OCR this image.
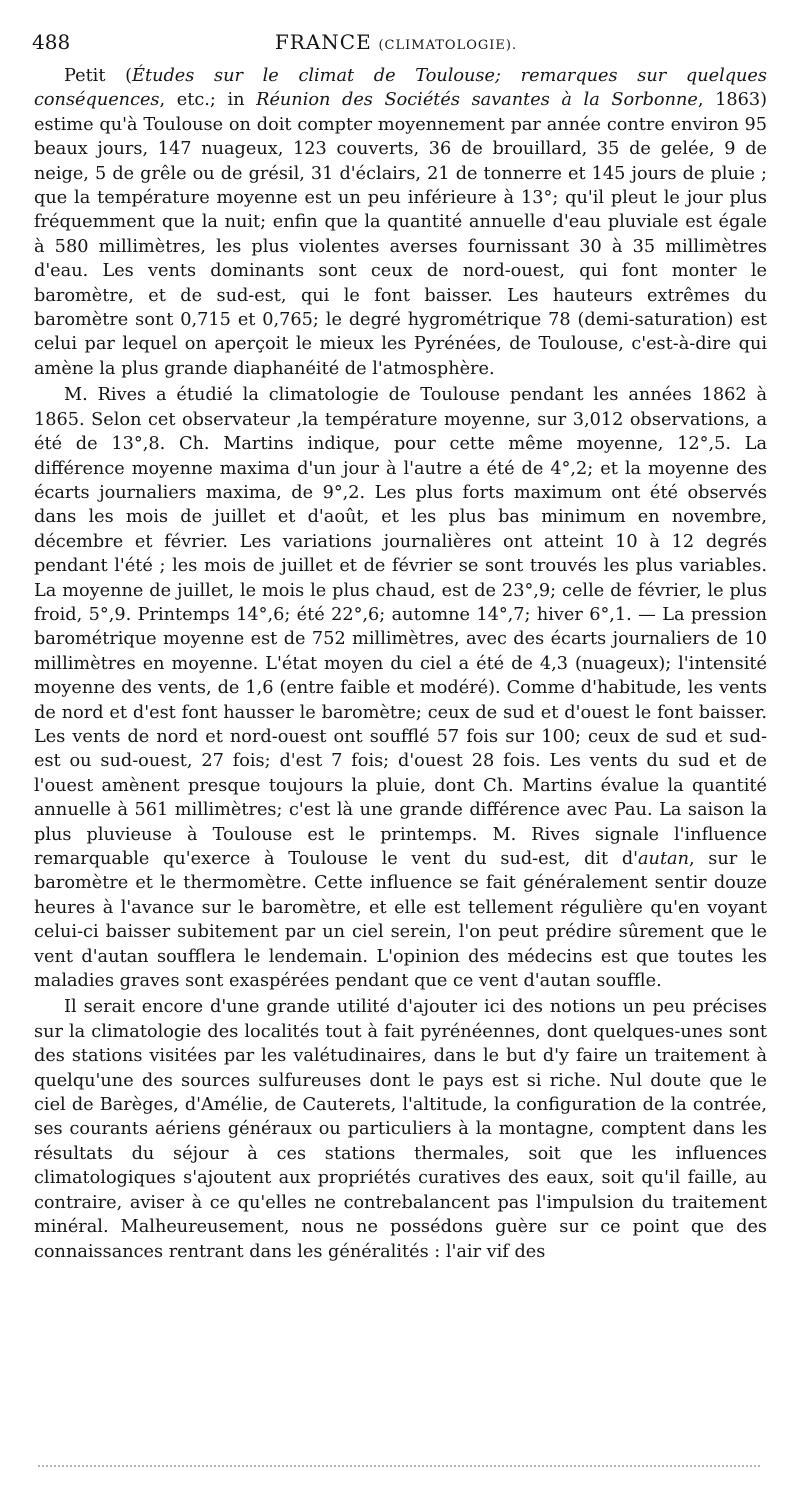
488	FRANCE (CLIMATOLOGIE).

Petit (Études sur le climat de Toulouse; remarques sur quelques conséquences, etc.; in Réunion des Sociétés savantes à la Sorbonne, 1863) estime qu'à Toulouse on doit compter moyennement par année contre environ 95 beaux jours, 147 nuageux, 123 couverts, 36 de brouillard, 35 de gelée, 9 de neige, 5 de grêle ou de grésil, 31 d'éclairs, 21 de tonnerre et 145 jours de pluie ; que la température moyenne est un peu inférieure à 13°; qu'il pleut le jour plus fréquemment que la nuit; enfin que la quantité annuelle d'eau pluviale est égale à 580 millimètres, les plus violentes averses fournissant 30 à 35 millimètres d'eau. Les vents dominants sont ceux de nord-ouest, qui font monter le baromètre, et de sud-est, qui le font baisser. Les hauteurs extrêmes du baromètre sont 0,715 et 0,765; le degré hygrométrique 78 (demi-saturation) est celui par lequel on aperçoit le mieux les Pyrénées, de Toulouse, c'est-à-dire qui amène la plus grande diaphanéité de l'atmosphère.

M. Rives a étudié la climatologie de Toulouse pendant les années 1862 à 1865. Selon cet observateur ,la température moyenne, sur 3,012 observations, a été de 13°,8. Ch. Martins indique, pour cette même moyenne, 12°,5. La différence moyenne maxima d'un jour à l'autre a été de 4°,2; et la moyenne des écarts journaliers maxima, de 9°,2. Les plus forts maximum ont été observés dans les mois de juillet et d'août, et les plus bas minimum en novembre, décembre et février. Les variations journalières ont atteint 10 à 12 degrés pendant l'été ; les mois de juillet et de février se sont trouvés les plus variables. La moyenne de juillet, le mois le plus chaud, est de 23°,9; celle de février, le plus froid, 5°,9. Printemps 14°,6; été 22°,6; automne 14°,7; hiver 6°,1. — La pression barométrique moyenne est de 752 millimètres, avec des écarts journaliers de 10 millimètres en moyenne. L'état moyen du ciel a été de 4,3 (nuageux); l'intensité moyenne des vents, de 1,6 (entre faible et modéré). Comme d'habitude, les vents de nord et d'est font hausser le baromètre; ceux de sud et d'ouest le font baisser. Les vents de nord et nord-ouest ont soufflé 57 fois sur 100; ceux de sud et sud-est ou sud-ouest, 27 fois; d'est 7 fois; d'ouest 28 fois. Les vents du sud et de l'ouest amènent presque toujours la pluie, dont Ch. Martins évalue la quantité annuelle à 561 millimètres; c'est là une grande différence avec Pau. La saison la plus pluvieuse à Toulouse est le printemps. M. Rives signale l'influence remarquable qu'exerce à Toulouse le vent du sud-est, dit d'autan, sur le baromètre et le thermomètre. Cette influence se fait généralement sentir douze heures à l'avance sur le baromètre, et elle est tellement régulière qu'en voyant celui-ci baisser subitement par un ciel serein, l'on peut prédire sûrement que le vent d'autan soufflera le lendemain. L'opinion des médecins est que toutes les maladies graves sont exaspérées pendant que ce vent d'autan souffle.

Il serait encore d'une grande utilité d'ajouter ici des notions un peu précises sur la climatologie des localités tout à fait pyrénéennes, dont quelques-unes sont des stations visitées par les valétudinaires, dans le but d'y faire un traitement à quelqu'une des sources sulfureuses dont le pays est si riche. Nul doute que le ciel de Barèges, d'Amélie, de Cauterets, l'altitude, la configuration de la contrée, ses courants aériens généraux ou particuliers à la montagne, comptent dans les résultats du séjour à ces stations thermales, soit que les influences climatologiques s'ajoutent aux propriétés curatives des eaux, soit qu'il faille, au contraire, aviser à ce qu'elles ne contrebalancent pas l'impulsion du traitement minéral. Malheureusement, nous ne possédons guère sur ce point que des connaissances rentrant dans les généralités : l'air vif des
